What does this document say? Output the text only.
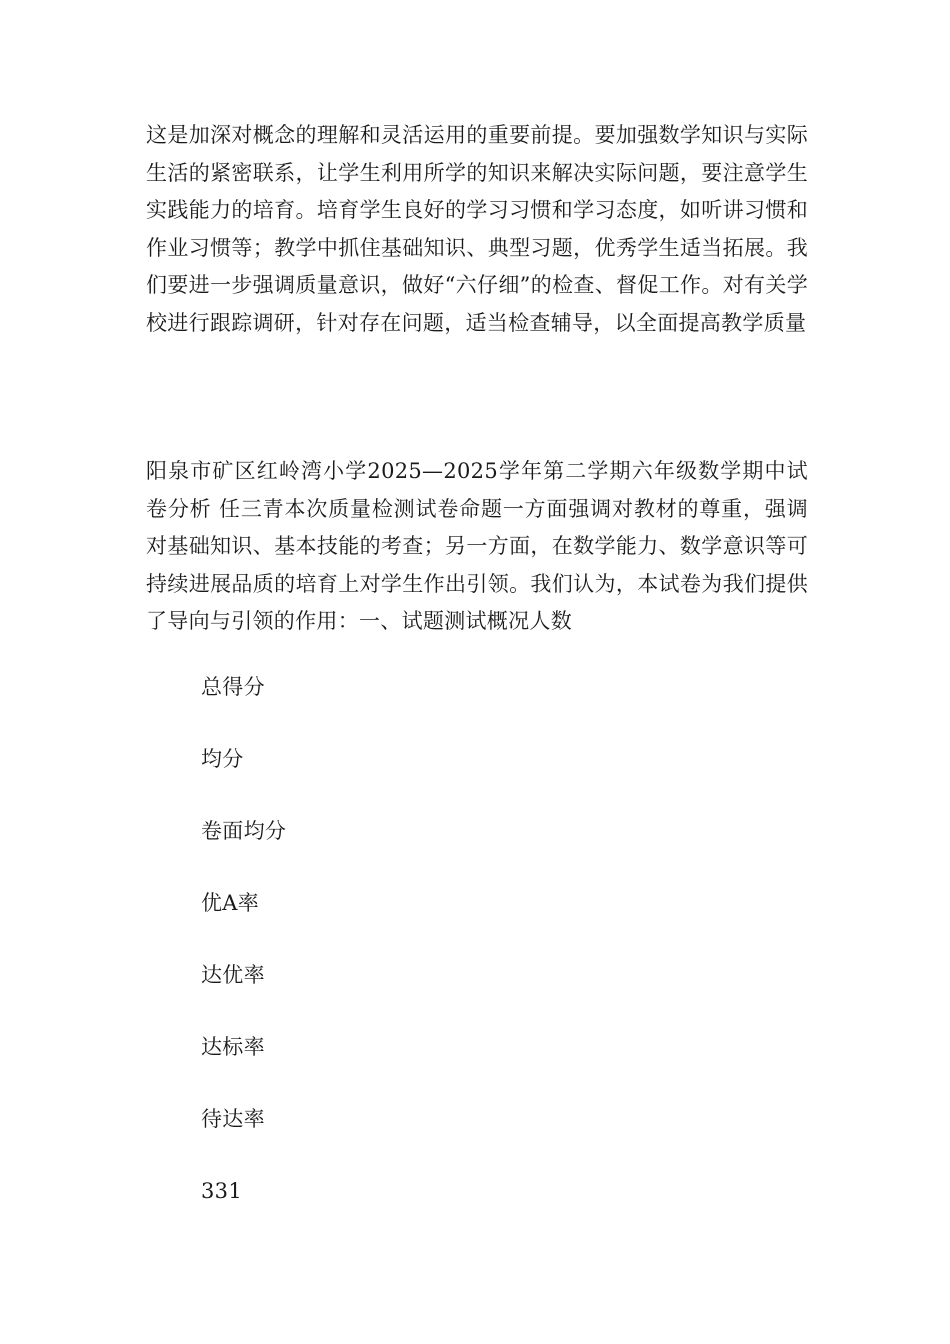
这是加深对概念的理解和灵活运用的重要前提。要加强数学知识与实际生活的紧密联系，让学生利用所学的知识来解决实际问题，要注意学生实践能力的培育。培育学生良好的学习习惯和学习态度，如听讲习惯和作业习惯等；教学中抓住基础知识、典型习题，优秀学生适当拓展。我们要进一步强调质量意识，做好“六仔细”的检查、督促工作。对有关学校进行跟踪调研，针对存在问题，适当检查辅导，以全面提高教学质量

阳泉市矿区红岭湾小学2025—2025学年第二学期六年级数学期中试卷分析 任三青本次质量检测试卷命题一方面强调对教材的尊重，强调对基础知识、基本技能的考查；另一方面，在数学能力、数学意识等可持续进展品质的培育上对学生作出引领。我们认为，本试卷为我们提供了导向与引领的作用：一、试题测试概况人数

总得分
均分
卷面均分
优A率
达优率
达标率
待达率
331
